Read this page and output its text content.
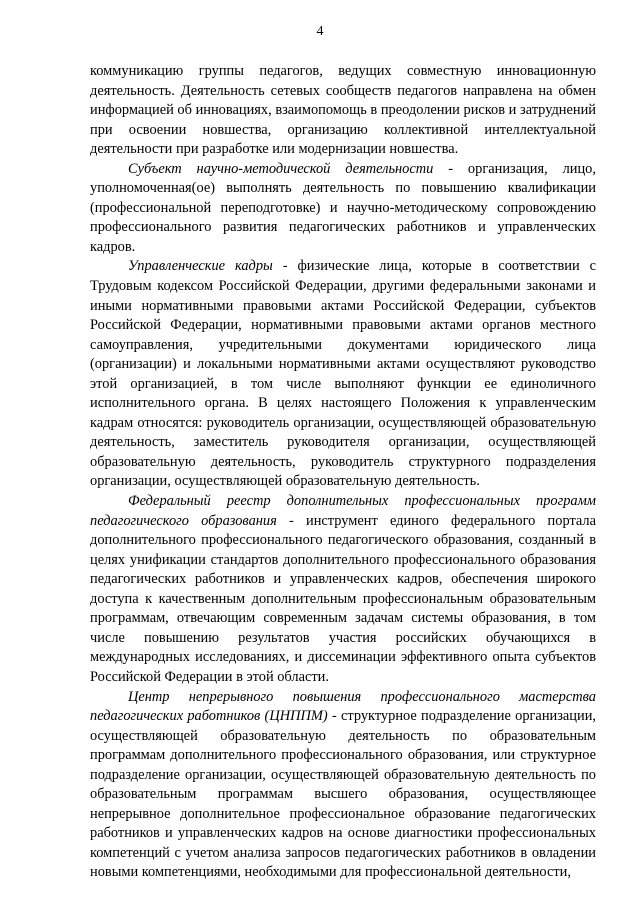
4

коммуникацию группы педагогов, ведущих совместную инновационную деятельность. Деятельность сетевых сообществ педагогов направлена на обмен информацией об инновациях, взаимопомощь в преодолении рисков и затруднений при освоении новшества, организацию коллективной интеллектуальной деятельности при разработке или модернизации новшества.

Субъект научно-методической деятельности - организация, лицо, уполномоченная(ое) выполнять деятельность по повышению квалификации (профессиональной переподготовке) и научно-методическому сопровождению профессионального развития педагогических работников и управленческих кадров.

Управленческие кадры - физические лица, которые в соответствии с Трудовым кодексом Российской Федерации, другими федеральными законами и иными нормативными правовыми актами Российской Федерации, субъектов Российской Федерации, нормативными правовыми актами органов местного самоуправления, учредительными документами юридического лица (организации) и локальными нормативными актами осуществляют руководство этой организацией, в том числе выполняют функции ее единоличного исполнительного органа. В целях настоящего Положения к управленческим кадрам относятся: руководитель организации, осуществляющей образовательную деятельность, заместитель руководителя организации, осуществляющей образовательную деятельность, руководитель структурного подразделения организации, осуществляющей образовательную деятельность.

Федеральный реестр дополнительных профессиональных программ педагогического образования - инструмент единого федерального портала дополнительного профессионального педагогического образования, созданный в целях унификации стандартов дополнительного профессионального образования педагогических работников и управленческих кадров, обеспечения широкого доступа к качественным дополнительным профессиональным образовательным программам, отвечающим современным задачам системы образования, в том числе повышению результатов участия российских обучающихся в международных исследованиях, и диссеминации эффективного опыта субъектов Российской Федерации в этой области.

Центр непрерывного повышения профессионального мастерства педагогических работников (ЦНППМ) - структурное подразделение организации, осуществляющей образовательную деятельность по образовательным программам дополнительного профессионального образования, или структурное подразделение организации, осуществляющей образовательную деятельность по образовательным программам высшего образования, осуществляющее непрерывное дополнительное профессиональное образование педагогических работников и управленческих кадров на основе диагностики профессиональных компетенций с учетом анализа запросов педагогических работников в овладении новыми компетенциями, необходимыми для профессиональной деятельности,
